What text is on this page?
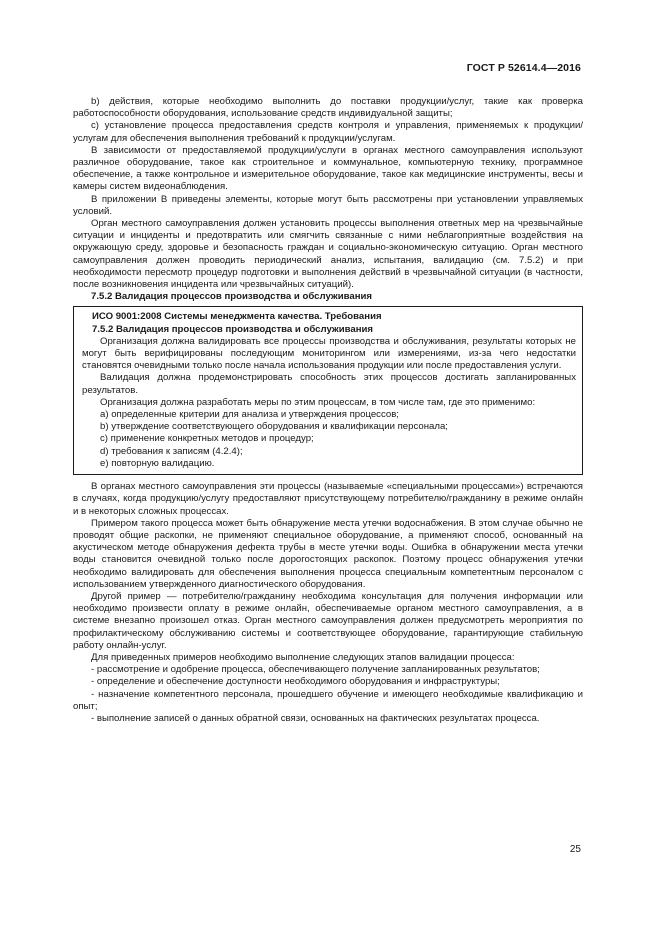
ГОСТ Р 52614.4—2016

b) действия, которые необходимо выполнить до поставки продукции/услуг, такие как проверка работоспособности оборудования, использование средств индивидуальной защиты;

c) установление процесса предоставления средств контроля и управления, применяемых к продукции/услугам для обеспечения выполнения требований к продукции/услугам.

В зависимости от предоставляемой продукции/услуги в органах местного самоуправления используют различное оборудование, такое как строительное и коммунальное, компьютерную технику, программное обеспечение, а также контрольное и измерительное оборудование, такое как медицинские инструменты, весы и камеры систем видеонаблюдения.

В приложении В приведены элементы, которые могут быть рассмотрены при установлении управляемых условий.

Орган местного самоуправления должен установить процессы выполнения ответных мер на чрезвычайные ситуации и инциденты и предотвратить или смягчить связанные с ними неблагоприятные воздействия на окружающую среду, здоровье и безопасность граждан и социально-экономическую ситуацию. Орган местного самоуправления должен проводить периодический анализ, испытания, валидацию (см. 7.5.2) и при необходимости пересмотр процедур подготовки и выполнения действий в чрезвычайной ситуации (в частности, после возникновения инцидента или чрезвычайных ситуаций).

7.5.2 Валидация процессов производства и обслуживания

ИСО 9001:2008 Системы менеджмента качества. Требования

7.5.2 Валидация процессов производства и обслуживания

Организация должна валидировать все процессы производства и обслуживания, результаты которых не могут быть верифицированы последующим мониторингом или измерениями, из-за чего недостатки становятся очевидными только после начала использования продукции или после предоставления услуги.

Валидация должна продемонстрировать способность этих процессов достигать запланированных результатов.

Организация должна разработать меры по этим процессам, в том числе там, где это применимо:

a) определенные критерии для анализа и утверждения процессов;

b) утверждение соответствующего оборудования и квалификации персонала;

c) применение конкретных методов и процедур;

d) требования к записям (4.2.4);

e) повторную валидацию.

В органах местного самоуправления эти процессы (называемые «специальными процессами») встречаются в случаях, когда продукцию/услугу предоставляют присутствующему потребителю/гражданину в режиме онлайн и в некоторых сложных процессах.

Примером такого процесса может быть обнаружение места утечки водоснабжения. В этом случае обычно не проводят общие раскопки, не применяют специальное оборудование, а применяют способ, основанный на акустическом методе обнаружения дефекта трубы в месте утечки воды. Ошибка в обнаружении места утечки воды становится очевидной только после дорогостоящих раскопок. Поэтому процесс обнаружения утечки необходимо валидировать для обеспечения выполнения процесса специальным компетентным персоналом с использованием утвержденного диагностического оборудования.

Другой пример — потребителю/гражданину необходима консультация для получения информации или необходимо произвести оплату в режиме онлайн, обеспечиваемые органом местного самоуправления, а в системе внезапно произошел отказ. Орган местного самоуправления должен предусмотреть мероприятия по профилактическому обслуживанию системы и соответствующее оборудование, гарантирующие стабильную работу онлайн-услуг.

Для приведенных примеров необходимо выполнение следующих этапов валидации процесса:

- рассмотрение и одобрение процесса, обеспечивающего получение запланированных результатов;

- определение и обеспечение доступности необходимого оборудования и инфраструктуры;

- назначение компетентного персонала, прошедшего обучение и имеющего необходимые квалификацию и опыт;

- выполнение записей о данных обратной связи, основанных на фактических результатах процесса.

25
